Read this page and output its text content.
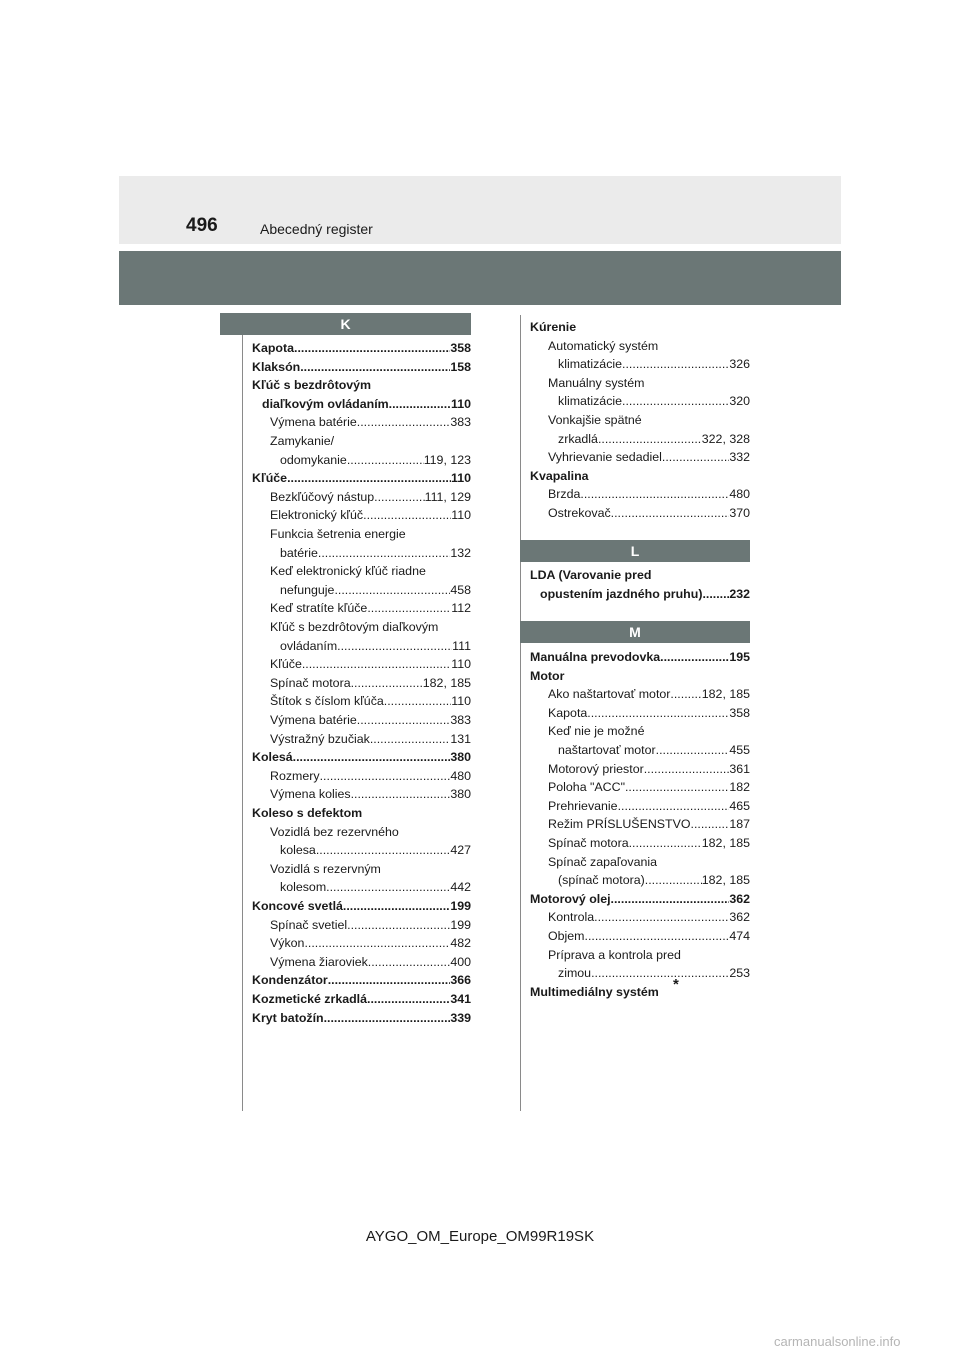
496	Abecedný register
K
L
M
Kapota .....	358
Klaksón .....	158
Kľúč s bezdrôtovým
diaľkovým ovládaním .....	110
Výmena batérie .....	383
Zamykanie/
odomykanie .....	119, 123
Kľúče .....	110
Bezkľúčový nástup .....	111, 129
Elektronický kľúč .....	110
Funkcia šetrenia energie
batérie .....	132
Keď elektronický kľúč riadne
nefunguje .....	458
Keď stratíte kľúče .....	112
Kľúč s bezdrôtovým diaľkovým
ovládaním .....	111
Kľúče .....	110
Spínač motora .....	182, 185
Štítok s číslom kľúča .....	110
Výmena batérie .....	383
Výstražný bzučiak .....	131
Kolesá .....	380
Rozmery .....	480
Výmena kolies .....	380
Koleso s defektom
Vozidlá bez rezervného
kolesa .....	427
Vozidlá s rezervným
kolesom .....	442
Koncové svetlá .....	199
Spínač svetiel .....	199
Výkon .....	482
Výmena žiaroviek .....	400
Kondenzátor .....	366
Kozmetické zrkadlá .....	341
Kryt batožín .....	339
Kúrenie
Automatický systém
klimatizácie .....	326
Manuálny systém
klimatizácie .....	320
Vonkajšie spätné
zrkadlá .....	322, 328
Vyhrievanie sedadiel .....	332
Kvapalina
Brzda .....	480
Ostrekovač .....	370
LDA (Varovanie pred
opustením jazdného pruhu) ..... 232
Manuálna prevodovka .....	195
Motor
Ako naštartovať motor .....	182, 185
Kapota .....	358
Keď nie je možné
naštartovať motor .....	455
Motorový priestor .....	361
Poloha "ACC" .....	182
Prehrievanie .....	465
Režim PRÍSLUŠENSTVO .....	187
Spínač motora .....	182, 185
Spínač zapaľovania
(spínač motora) .....	182, 185
Motorový olej .....	362
Kontrola .....	362
Objem .....	474
Príprava a kontrola pred
zimou .....	253
Multimediálny systém *
AYGO_OM_Europe_OM99R19SK
carmanualsonline.info
